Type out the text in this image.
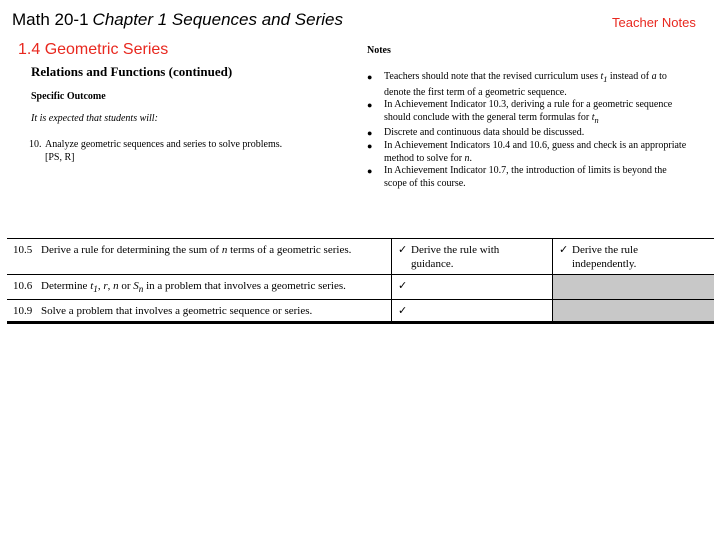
Math 20-1 Chapter 1 Sequences and Series	Teacher Notes
1.4 Geometric Series
Relations and Functions (continued)
Specific Outcome
It is expected that students will:
10. Analyze geometric sequences and series to solve problems.
[PS, R]
Notes
● Teachers should note that the revised curriculum uses $t_1$ instead of a to denote the first term of a geometric sequence.
● In Achievement Indicator 10.3, deriving a rule for a geometric sequence should conclude with the general term formulas for $t_n$
● Discrete and continuous data should be discussed.
● In Achievement Indicators 10.4 and 10.6, guess and check is an appropriate method to solve for n.
● In Achievement Indicator 10.7, the introduction of limits is beyond the scope of this course.
10.5 Derive a rule for determining the sum of n terms of a geometric series.	✓ Derive the rule with guidance.	✓ Derive the rule independently.
10.6 Determine $t_1$, r, n or $S_n$ in a problem that involves a geometric series.	✓	
10.9 Solve a problem that involves a geometric sequence or series.	✓	
